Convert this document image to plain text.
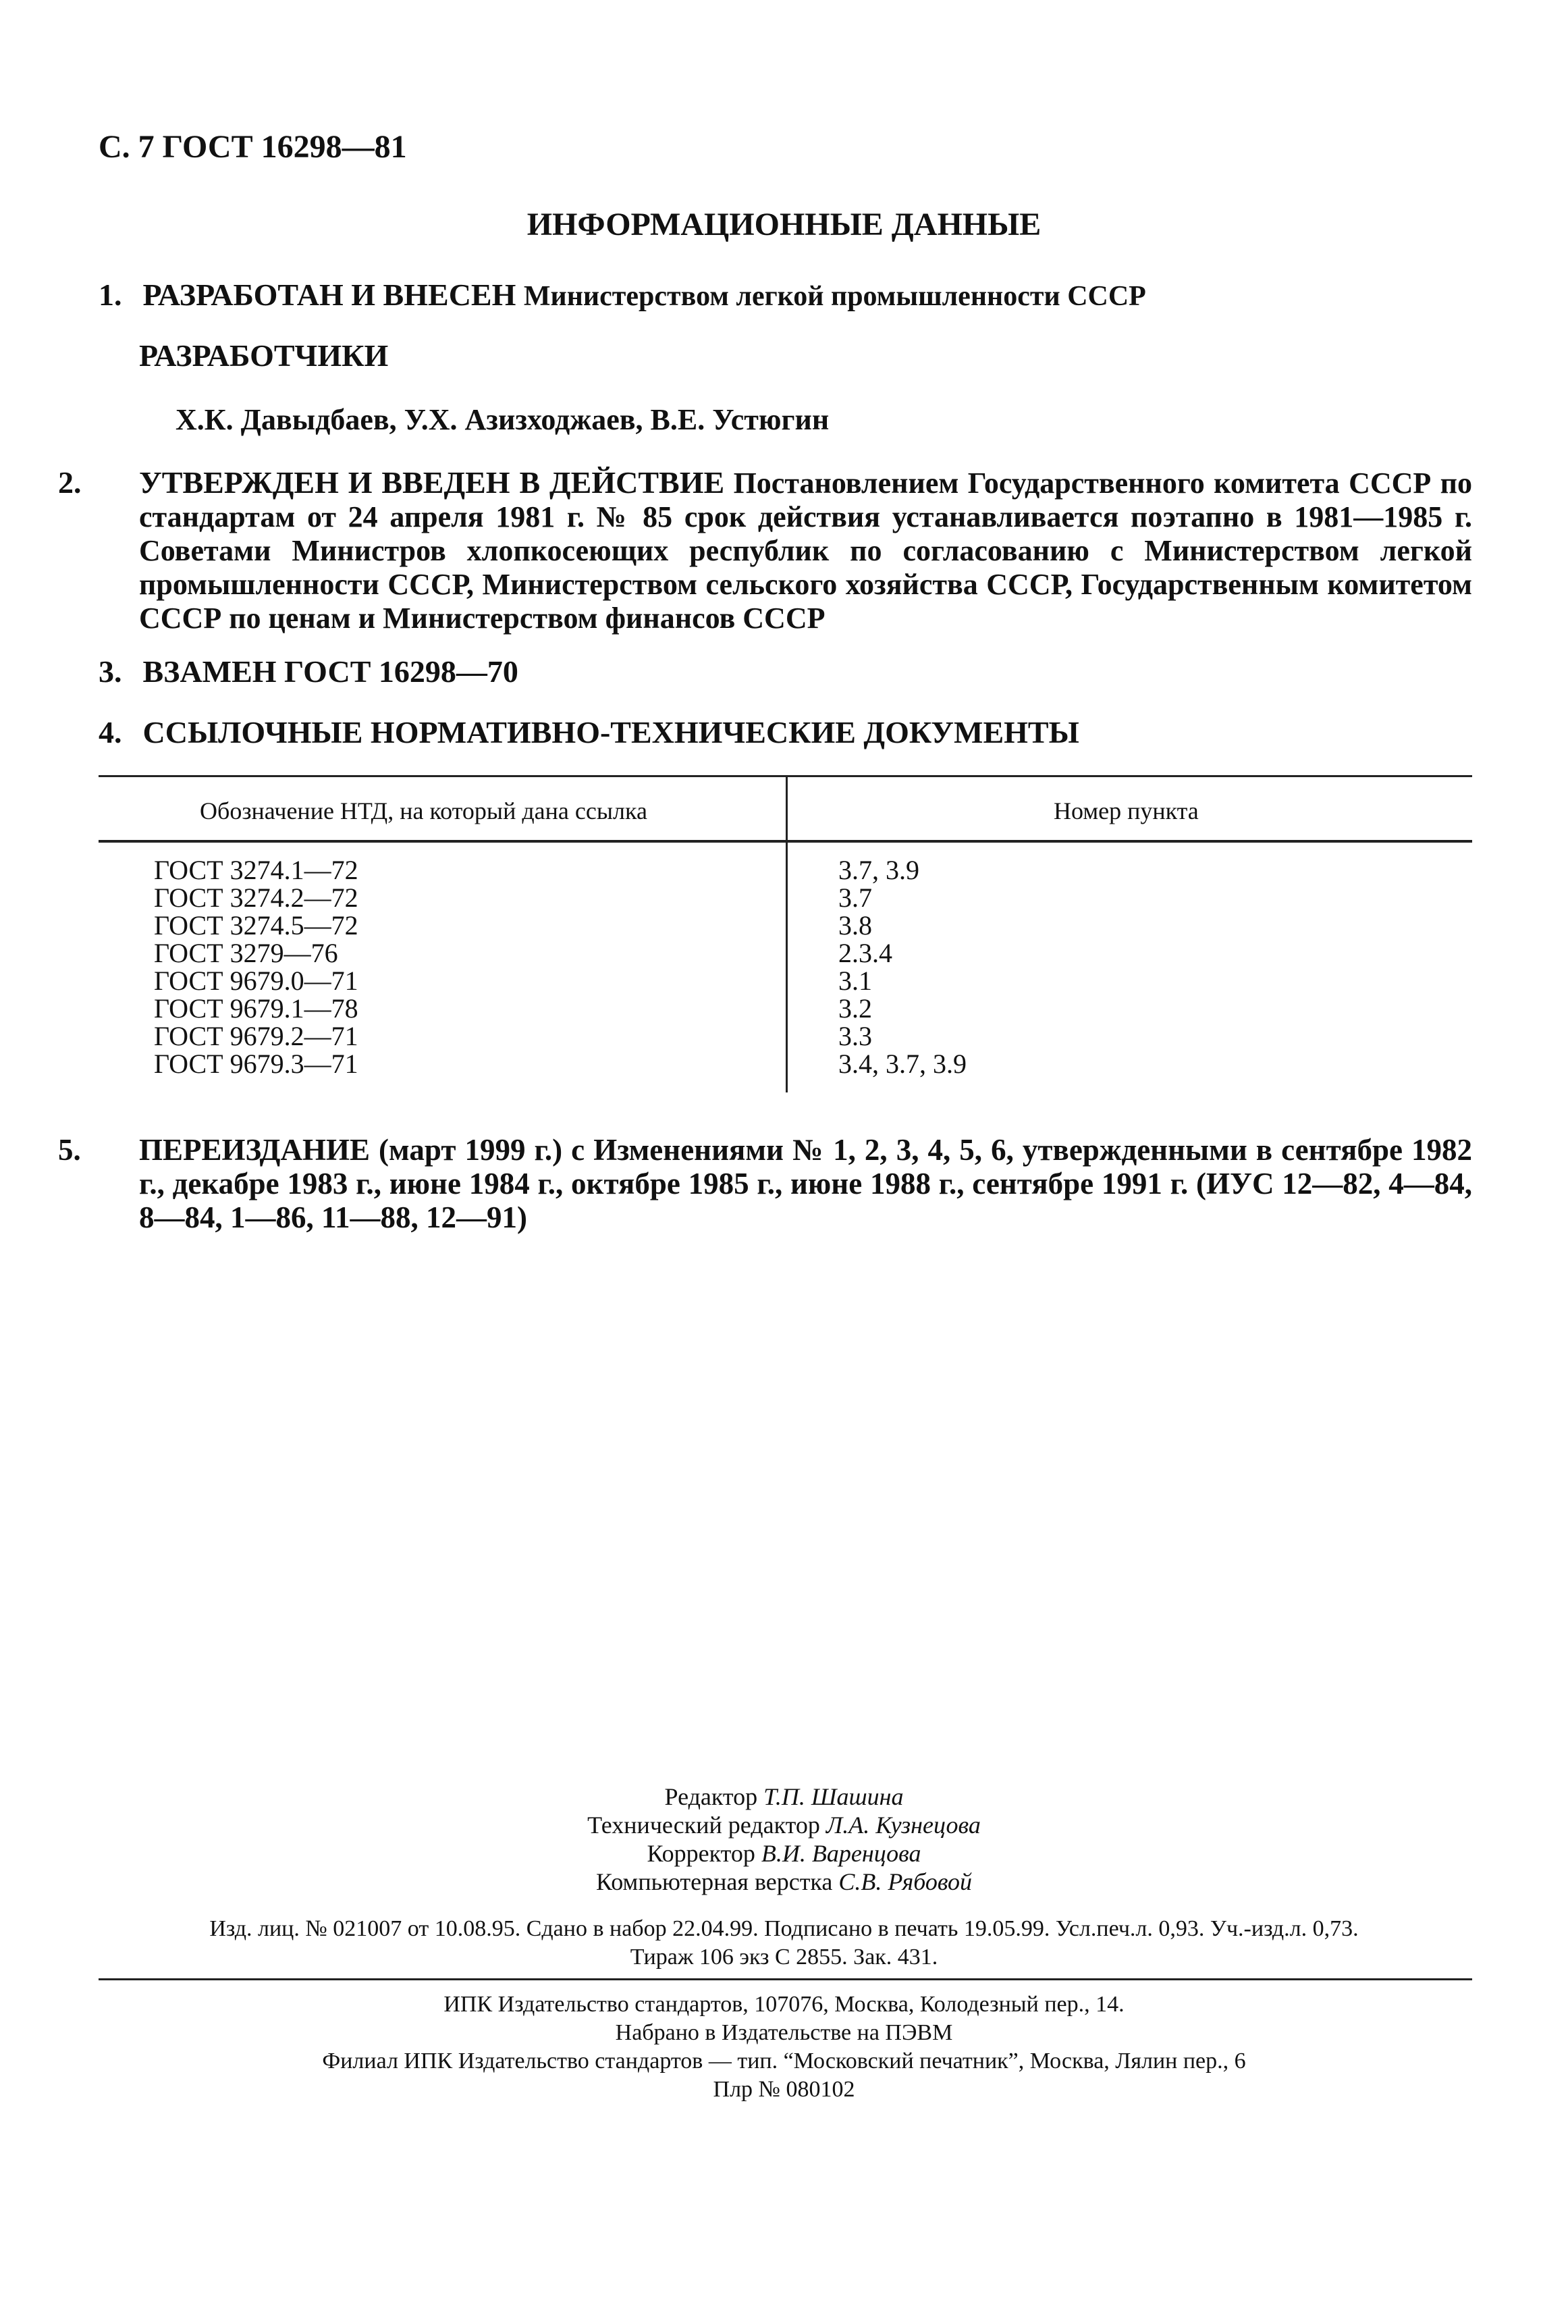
С. 7 ГОСТ 16298—81
ИНФОРМАЦИОННЫЕ ДАННЫЕ
1. РАЗРАБОТАН И ВНЕСЕН Министерством легкой промышленности СССР
РАЗРАБОТЧИКИ
Х.К. Давыдбаев, У.Х. Азизходжаев, В.Е. Устюгин
2. УТВЕРЖДЕН И ВВЕДЕН В ДЕЙСТВИЕ Постановлением Государственного комитета СССР по стандартам от 24 апреля 1981 г. № 85 срок действия устанавливается поэтапно в 1981—1985 г. Советами Министров хлопкосеющих республик по согласованию с Министерством легкой промышленности СССР, Министерством сельского хозяйства СССР, Государственным комитетом СССР по ценам и Министерством финансов СССР
3. ВЗАМЕН ГОСТ 16298—70
4. ССЫЛОЧНЫЕ НОРМАТИВНО-ТЕХНИЧЕСКИЕ ДОКУМЕНТЫ
Обозначение НТД, на который дана ссылка	Номер пункта
ГОСТ 3274.1—72	3.7, 3.9
ГОСТ 3274.2—72	3.7
ГОСТ 3274.5—72	3.8
ГОСТ 3279—76	2.3.4
ГОСТ 9679.0—71	3.1
ГОСТ 9679.1—78	3.2
ГОСТ 9679.2—71	3.3
ГОСТ 9679.3—71	3.4, 3.7, 3.9
5. ПЕРЕИЗДАНИЕ (март 1999 г.) с Изменениями № 1, 2, 3, 4, 5, 6, утвержденными в сентябре 1982 г., декабре 1983 г., июне 1984 г., октябре 1985 г., июне 1988 г., сентябре 1991 г. (ИУС 12—82, 4—84, 8—84, 1—86, 11—88, 12—91)
Редактор Т.П. Шашина
Технический редактор Л.А. Кузнецова
Корректор В.И. Варенцова
Компьютерная верстка С.В. Рябовой
Изд. лиц. № 021007 от 10.08.95. Сдано в набор 22.04.99. Подписано в печать 19.05.99. Усл.печ.л. 0,93. Уч.-изд.л. 0,73.
Тираж 106 экз С 2855. Зак. 431.
ИПК Издательство стандартов, 107076, Москва, Колодезный пер., 14.
Набрано в Издательстве на ПЭВМ
Филиал ИПК Издательство стандартов — тип. “Московский печатник”, Москва, Лялин пер., 6
Плр № 080102
